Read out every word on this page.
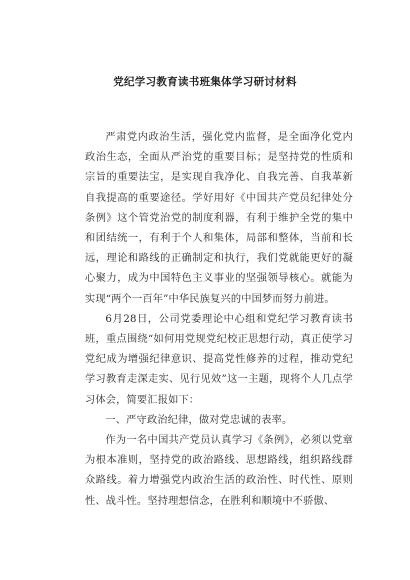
党纪学习教育读书班集体学习研讨材料

严肃党内政治生活，强化党内监督，是全面净化党内政治生态，全面从严治党的重要目标；是坚持党的性质和宗旨的重要法宝，是实现自我净化、自我完善、自我革新自我提高的重要途径。学好用好《中国共产党员纪律处分条例》这个管党治党的制度利器，有利于维护全党的集中和团结统一，有利于个人和集体，局部和整体，当前和长远，理论和路线的正确制定和执行，我们党就能更好的凝心聚力，成为中国特色主义事业的坚强领导核心。就能为实现“两个一百年”中华民族复兴的中国梦而努力前进。

6月28日，公司党委理论中心组和党纪学习教育读书班，重点围绕“如何用党规党纪校正思想行动，真正使学习党纪成为增强纪律意识、提高党性修养的过程，推动党纪学习教育走深走实、见行见效”这一主题，现将个人几点学习体会，简要汇报如下：

一、严守政治纪律，做对党忠诚的表率。

作为一名中国共产党员认真学习《条例》，必须以党章为根本准则，坚持党的政治路线、思想路线，组织路线群众路线。着力增强党内政治生活的政治性、时代性、原则性、战斗性。坚持理想信念，在胜利和顺境中不骄傲、
